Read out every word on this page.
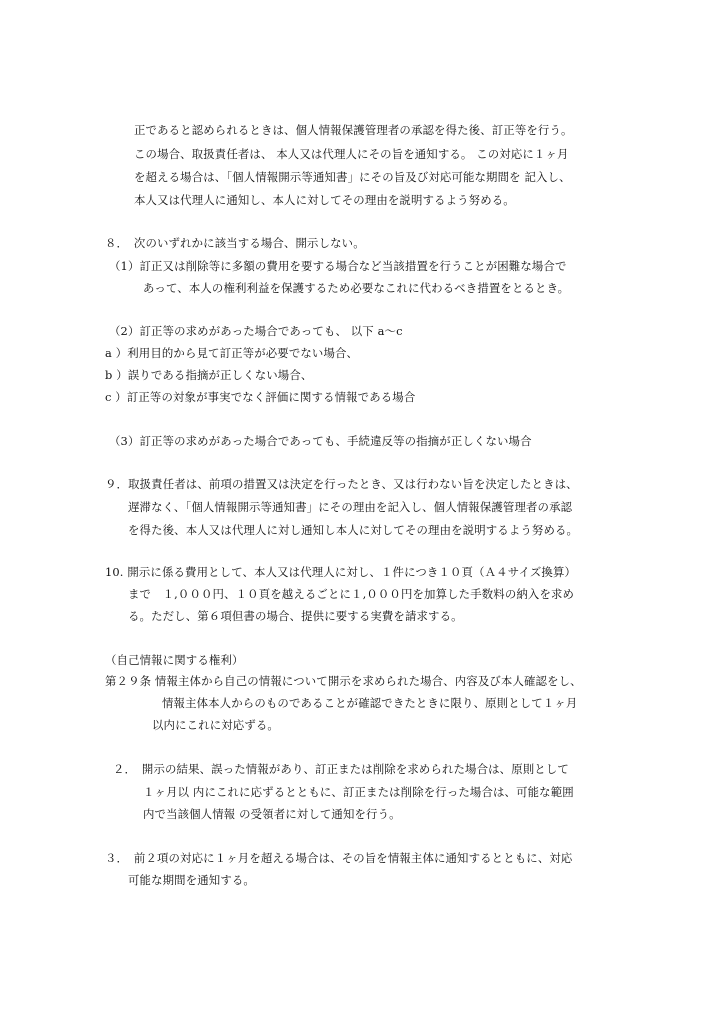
正であると認められるときは、個人情報保護管理者の承認を得た後、訂正等を行う。
この場合、取扱責任者は、 本人又は代理人にその旨を通知する。 この対応に１ヶ月
を超える場合は、「個人情報開示等通知書」にその旨及び対応可能な期間を 記入し、
本人又は代理人に通知し、本人に対してその理由を説明するよう努める。
８．　次のいずれかに該当する場合、開示しない。
（1）訂正又は削除等に多額の費用を要する場合など当該措置を行うことが困難な場合で
あって、本人の権利利益を保護するため必要なこれに代わるべき措置をとるとき。
（2）訂正等の求めがあった場合であっても、 以下 a〜c
a ）利用目的から見て訂正等が必要でない場合、
b ）誤りである指摘が正しくない場合、
c ）訂正等の対象が事実でなく評価に関する情報である場合
（3）訂正等の求めがあった場合であっても、手続違反等の指摘が正しくない場合
９．取扱責任者は、前項の措置又は決定を行ったとき、又は行わない旨を決定したときは、
遅滞なく、「個人情報開示等通知書」にその理由を記入し、個人情報保護管理者の承認
を得た後、本人又は代理人に対し通知し本人に対してその理由を説明するよう努める。
10. 開示に係る費用として、本人又は代理人に対し、１件につき１０頁（Ａ４サイズ換算）
まで　１,０００円、１０頁を越えるごとに１,０００円を加算した手数料の納入を求め
る。ただし、第６項但書の場合、提供に要する実費を請求する。
（自己情報に関する権利）
第２９条 情報主体から自己の情報について開示を求められた場合、内容及び本人確認をし、
情報主体本人からのものであることが確認できたときに限り、原則として１ヶ月
以内にこれに対応ずる。
２．　開示の結果、誤った情報があり、訂正または削除を求められた場合は、原則として
１ヶ月以 内にこれに応ずるとともに、訂正または削除を行った場合は、可能な範囲
内で当該個人情報 の受領者に対して通知を行う。
３．　前２項の対応に１ヶ月を超える場合は、その旨を情報主体に通知するとともに、対応
可能な期間を通知する。
